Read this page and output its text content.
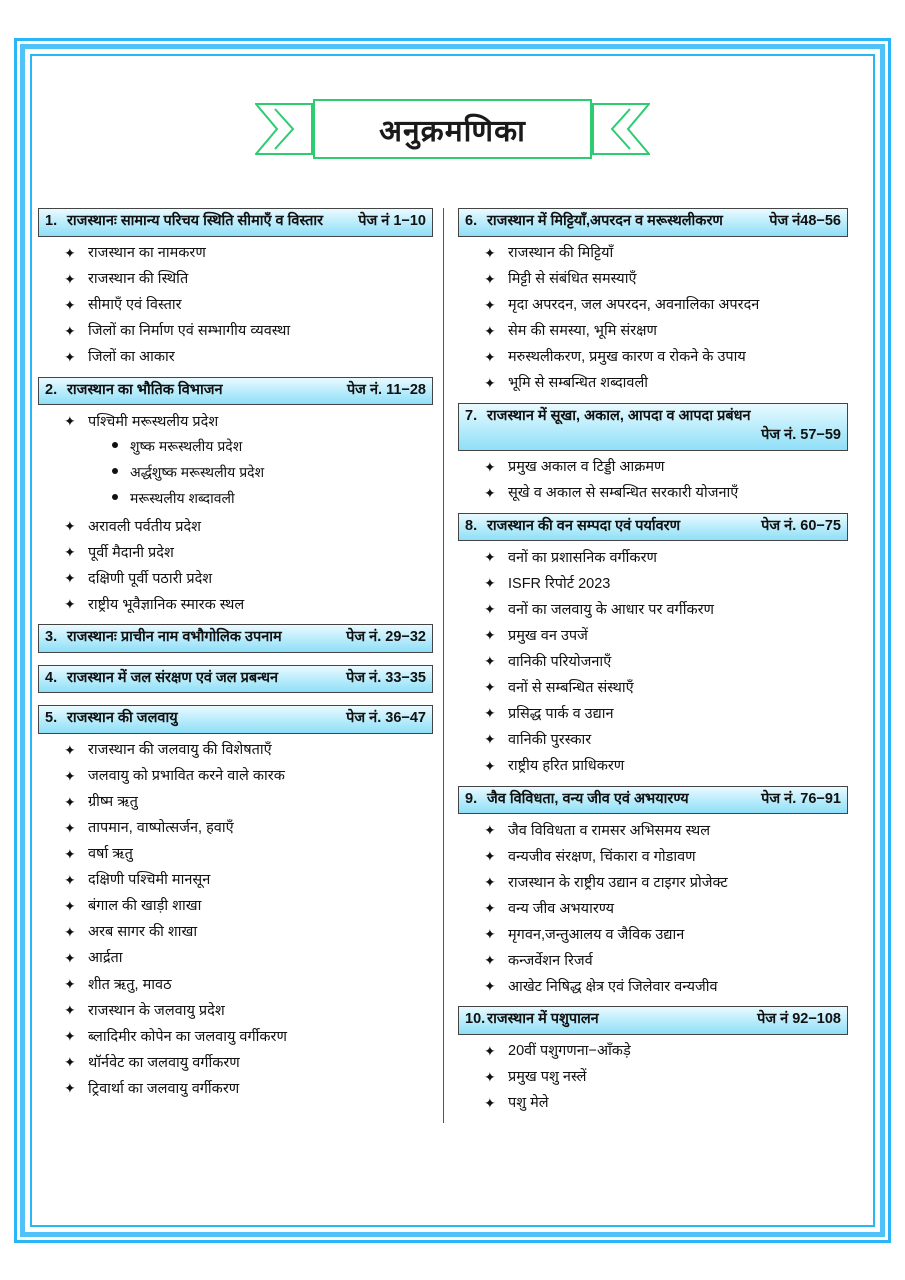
अनुक्रमणिका
1. राजस्थानः सामान्य परिचय स्थिति सीमाएँ व विस्तार	पेज नं 1−10
✦ राजस्थान का नामकरण
✦ राजस्थान की स्थिति
✦ सीमाएँ एवं विस्तार
✦ जिलों का निर्माण एवं सम्भागीय व्यवस्था
✦ जिलों का आकार
2. राजस्थान का भौतिक विभाजन	पेज नं. 11−28
✦ पश्चिमी मरूस्थलीय प्रदेश
शुष्क मरूस्थलीय प्रदेश
अर्द्धशुष्क मरूस्थलीय प्रदेश
मरूस्थलीय शब्दावली
✦ अरावली पर्वतीय प्रदेश
✦ पूर्वी मैदानी प्रदेश
✦ दक्षिणी पूर्वी पठारी प्रदेश
✦ राष्ट्रीय भूवैज्ञानिक स्मारक स्थल
3. राजस्थानः प्राचीन नाम वभौगोलिक उपनाम	पेज नं. 29−32
4. राजस्थान में जल संरक्षण एवं जल प्रबन्धन	पेज नं. 33−35
5. राजस्थान की जलवायु	पेज नं. 36−47
✦ राजस्थान की जलवायु की विशेषताएँ
✦ जलवायु को प्रभावित करने वाले कारक
✦ ग्रीष्म ऋतु
✦ तापमान, वाष्पोत्सर्जन, हवाएँ
✦ वर्षा ऋतु
✦ दक्षिणी पश्चिमी मानसून
✦ बंगाल की खाड़ी शाखा
✦ अरब सागर की शाखा
✦ आर्द्रता
✦ शीत ऋतु, मावठ
✦ राजस्थान के जलवायु प्रदेश
✦ ब्लादिमीर कोपेन का जलवायु वर्गीकरण
✦ थॉर्नवेट का जलवायु वर्गीकरण
✦ ट्रिवार्था का जलवायु वर्गीकरण
6. राजस्थान में मिट्टियाँ,अपरदन व मरूस्थलीकरण	पेज नं48−56
✦ राजस्थान की मिट्टियाँ
✦ मिट्टी से संबंधित समस्याएँ
✦ मृदा अपरदन, जल अपरदन, अवनालिका अपरदन
✦ सेम की समस्या, भूमि संरक्षण
✦ मरुस्थलीकरण, प्रमुख कारण व रोकने के उपाय
✦ भूमि से सम्बन्धित शब्दावली
7. राजस्थान में सूखा, अकाल, आपदा व आपदा प्रबंधन
पेज नं. 57−59
✦ प्रमुख अकाल व टिड्डी आक्रमण
✦ सूखे व अकाल से सम्बन्धित सरकारी योजनाएँ
8. राजस्थान की वन सम्पदा एवं पर्यावरण	पेज नं. 60−75
✦ वनों का प्रशासनिक वर्गीकरण
✦ ISFR रिपोर्ट 2023
✦ वनों का जलवायु के आधार पर वर्गीकरण
✦ प्रमुख वन उपजें
✦ वानिकी परियोजनाएँ
✦ वनों से सम्बन्धित संस्थाएँ
✦ प्रसिद्ध पार्क व उद्यान
✦ वानिकी पुरस्कार
✦ राष्ट्रीय हरित प्राधिकरण
9. जैव विविधता, वन्य जीव एवं अभयारण्य	पेज नं. 76−91
✦ जैव विविधता व रामसर अभिसमय स्थल
✦ वन्यजीव संरक्षण, चिंकारा व गोडावण
✦ राजस्थान के राष्ट्रीय उद्यान व टाइगर प्रोजेक्ट
✦ वन्य जीव अभयारण्य
✦ मृगवन,जन्तुआलय व जैविक उद्यान
✦ कन्जर्वेशन रिजर्व
✦ आखेट निषिद्ध क्षेत्र एवं जिलेवार वन्यजीव
10. राजस्थान में पशुपालन	पेज नं 92−108
✦ 20वीं पशुगणना−आँकड़े
✦ प्रमुख पशु नस्लें
✦ पशु मेले
